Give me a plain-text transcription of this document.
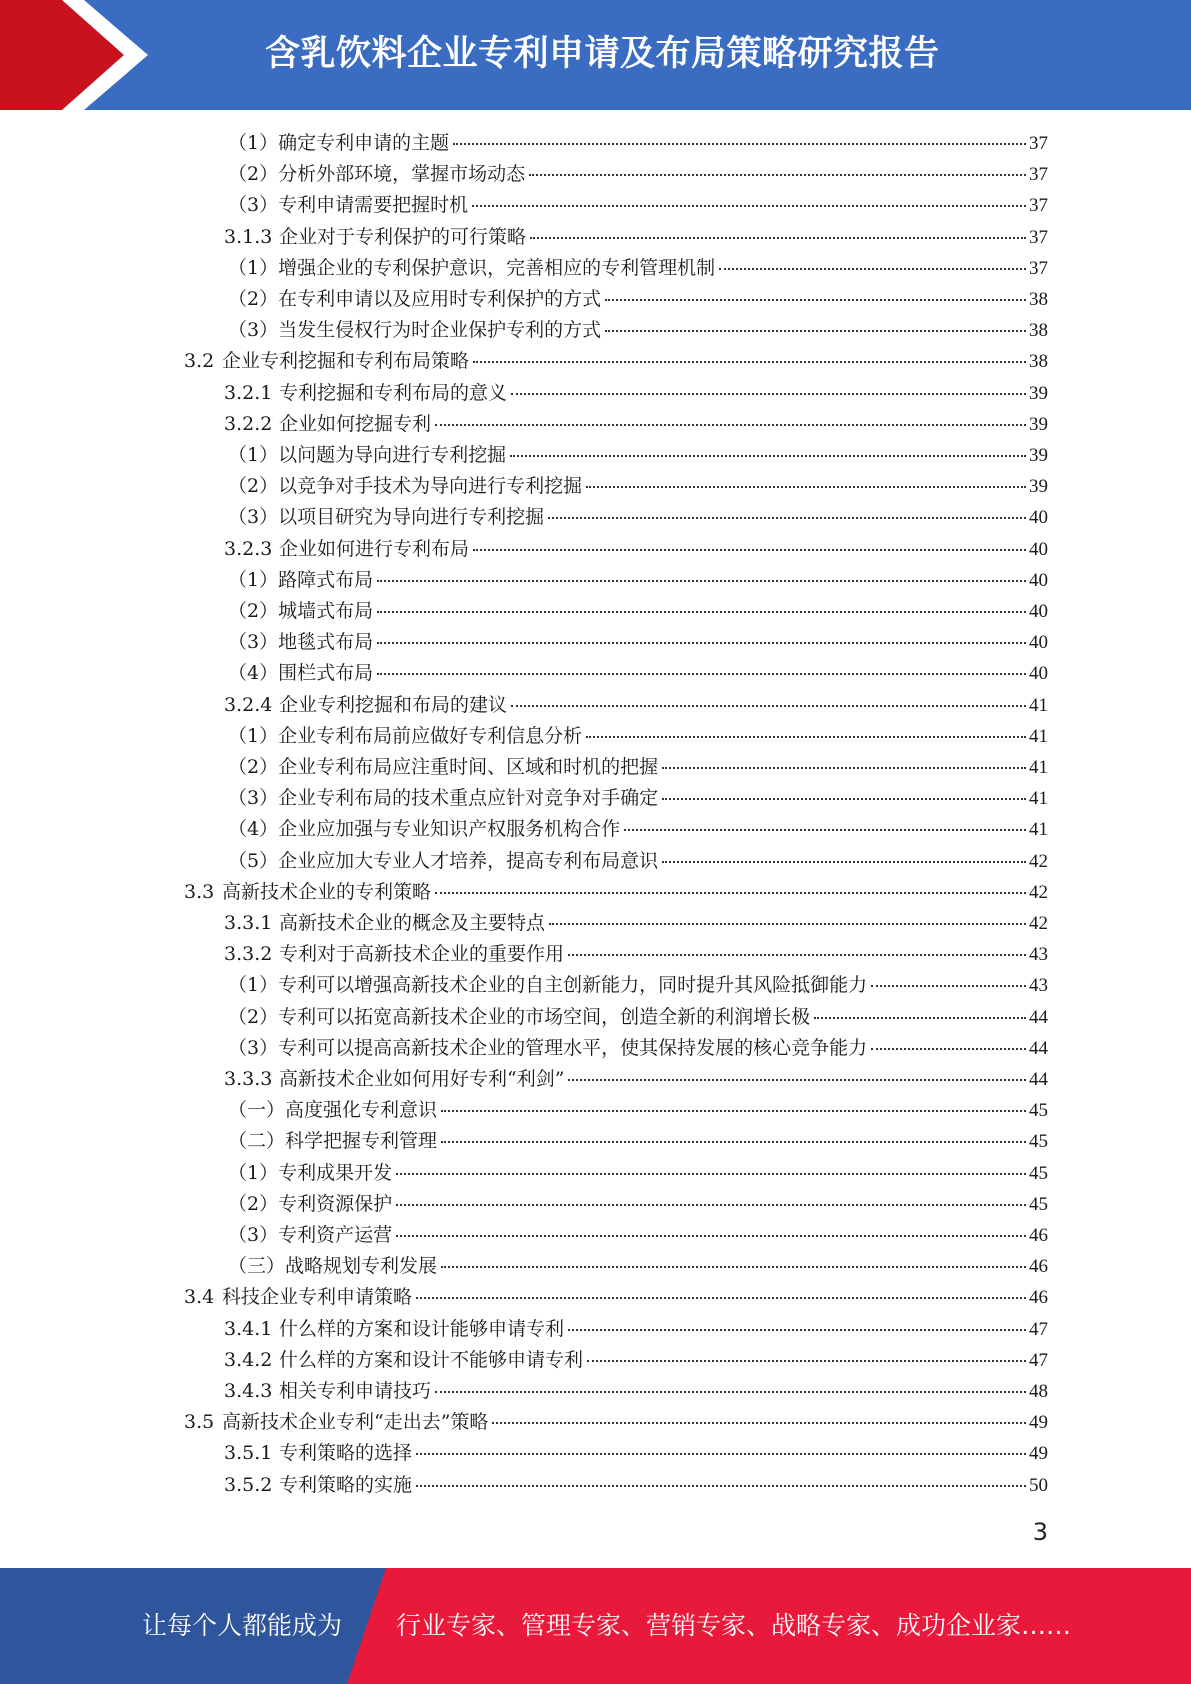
含乳饮料企业专利申请及布局策略研究报告
（1）确定专利申请的主题	37
（2）分析外部环境，掌握市场动态	37
（3）专利申请需要把握时机	37
3.1.3 企业对于专利保护的可行策略	37
（1）增强企业的专利保护意识，完善相应的专利管理机制	37
（2）在专利申请以及应用时专利保护的方式	38
（3）当发生侵权行为时企业保护专利的方式	38
3.2 企业专利挖掘和专利布局策略	38
3.2.1 专利挖掘和专利布局的意义	39
3.2.2 企业如何挖掘专利	39
（1）以问题为导向进行专利挖掘	39
（2）以竞争对手技术为导向进行专利挖掘	39
（3）以项目研究为导向进行专利挖掘	40
3.2.3 企业如何进行专利布局	40
（1）路障式布局	40
（2）城墙式布局	40
（3）地毯式布局	40
（4）围栏式布局	40
3.2.4 企业专利挖掘和布局的建议	41
（1）企业专利布局前应做好专利信息分析	41
（2）企业专利布局应注重时间、区域和时机的把握	41
（3）企业专利布局的技术重点应针对竞争对手确定	41
（4）企业应加强与专业知识产权服务机构合作	41
（5）企业应加大专业人才培养，提高专利布局意识	42
3.3 高新技术企业的专利策略	42
3.3.1 高新技术企业的概念及主要特点	42
3.3.2 专利对于高新技术企业的重要作用	43
（1）专利可以增强高新技术企业的自主创新能力，同时提升其风险抵御能力	43
（2）专利可以拓宽高新技术企业的市场空间，创造全新的利润增长极	44
（3）专利可以提高高新技术企业的管理水平，使其保持发展的核心竞争能力	44
3.3.3 高新技术企业如何用好专利“利剑”	44
（一）高度强化专利意识	45
（二）科学把握专利管理	45
（1）专利成果开发	45
（2）专利资源保护	45
（3）专利资产运营	46
（三）战略规划专利发展	46
3.4 科技企业专利申请策略	46
3.4.1 什么样的方案和设计能够申请专利	47
3.4.2 什么样的方案和设计不能够申请专利	47
3.4.3 相关专利申请技巧	48
3.5 高新技术企业专利“走出去”策略	49
3.5.1 专利策略的选择	49
3.5.2 专利策略的实施	50
3
让每个人都能成为 行业专家、管理专家、营销专家、战略专家、成功企业家……
